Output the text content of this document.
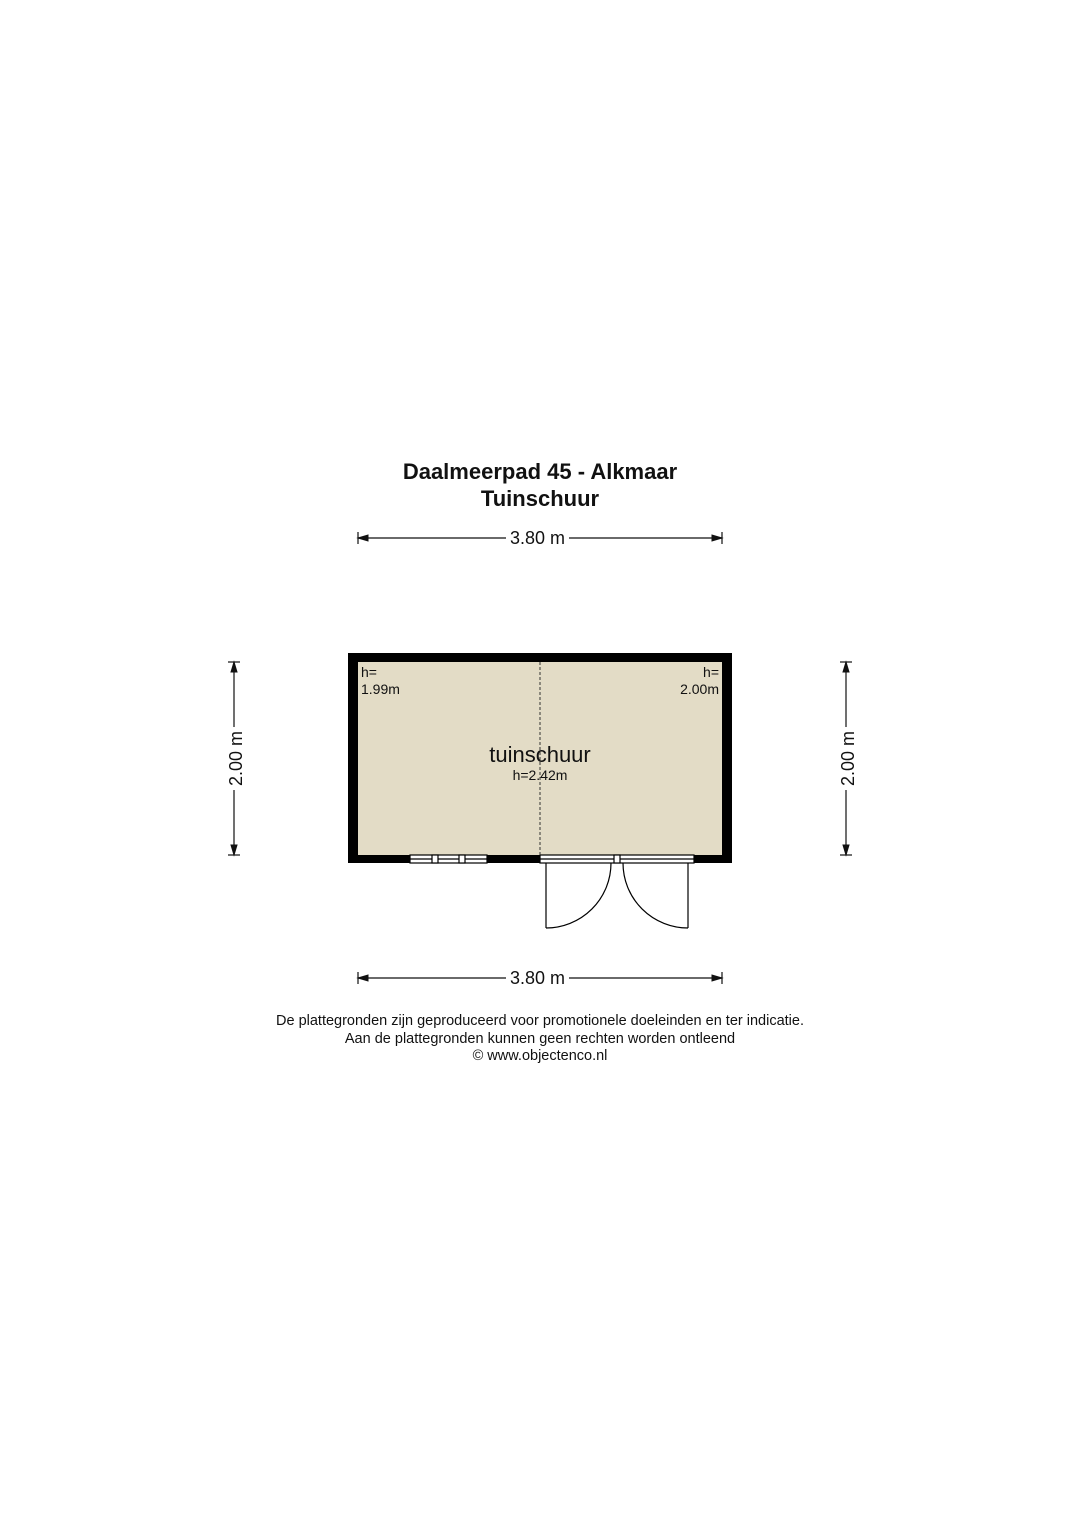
Daalmeerpad 45 - Alkmaar
Tuinschuur
3.80 m
3.80 m
2.00 m	2.00 m
h=
1.99m
h=
2.00m
tuinschuur
h=2.42m
De plattegronden zijn geproduceerd voor promotionele doeleinden en ter indicatie.
Aan de plattegronden kunnen geen rechten worden ontleend
© www.objectenco.nl
